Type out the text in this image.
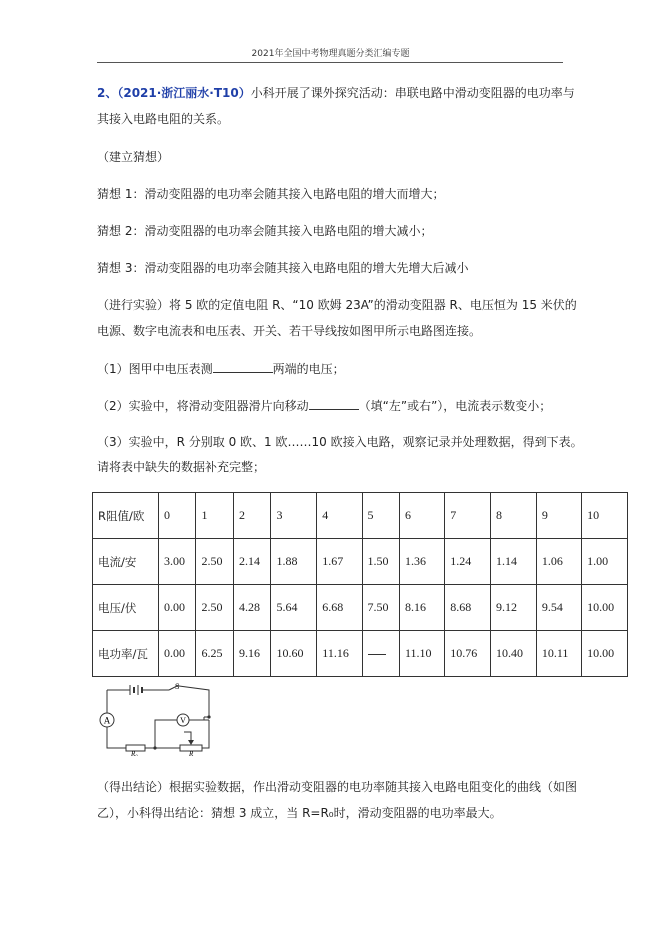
2021年全国中考物理真题分类汇编专题
2、（2021·浙江丽水·T10）小科开展了课外探究活动：串联电路中滑动变阻器的电功率与
其接入电路电阻的关系。
（建立猜想）
猜想 1：滑动变阻器的电功率会随其接入电路电阻的增大而增大；
猜想 2：滑动变阻器的电功率会随其接入电路电阻的增大减小；
猜想 3：滑动变阻器的电功率会随其接入电路电阻的增大先增大后减小
（进行实验）将 5 欧的定值电阻 R、“10 欧姆 23A”的滑动变阻器 R、电压恒为 15 米伏的
电源、数字电流表和电压表、开关、若干导线按如图甲所示电路图连接。
（1）图甲中电压表测	两端的电压；
（2）实验中，将滑动变阻器滑片向移动	（填“左”或右”），电流表示数变小；
（3）实验中，R 分别取 0 欧、1 欧……10 欧接入电路，观察记录并处理数据，得到下表。
请将表中缺失的数据补充完整；
R阻值/欧	0	1	2	3	4	5	6	7	8	9	10
电流/安	3.00	2.50	2.14	1.88	1.67	1.50	1.36	1.24	1.14	1.06	1.00
电压/伏	0.00	2.50	4.28	5.64	6.68	7.50	8.16	8.68	9.12	9.54	10.00
电功率/瓦	0.00	6.25	9.16	10.60	11.16		11.10	10.76	10.40	10.11	10.00
A	V
S
R₀	R
（得出结论）根据实验数据，作出滑动变阻器的电功率随其接入电路电阻变化的曲线（如图
乙），小科得出结论：猜想 3 成立，当 R=R₀时，滑动变阻器的电功率最大。
